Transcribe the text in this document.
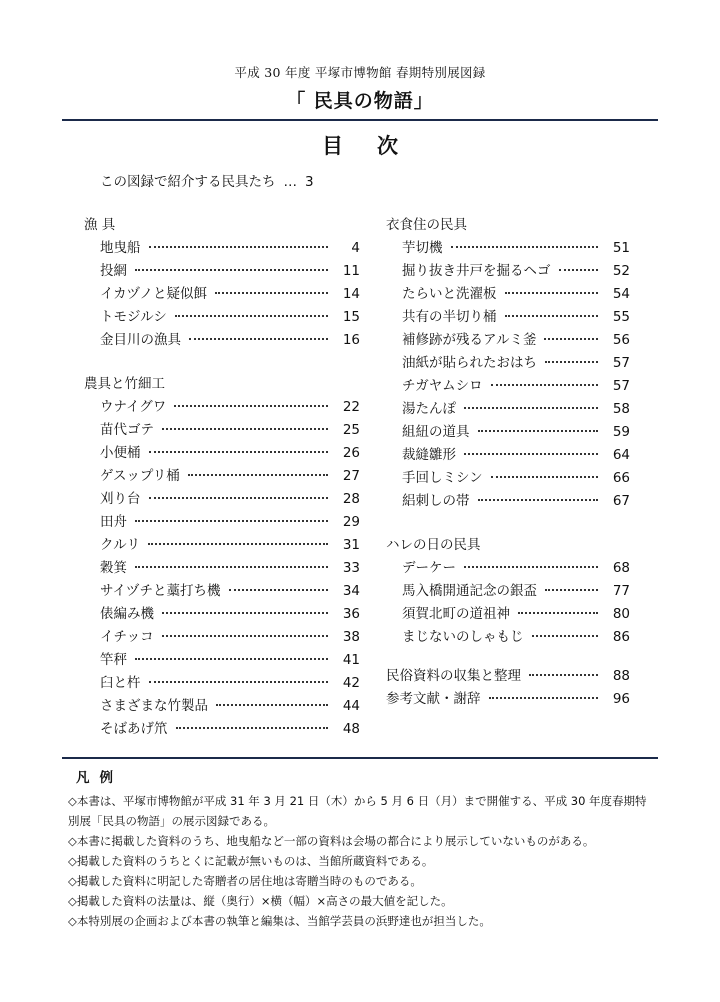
平成 30 年度 平塚市博物館 春期特別展図録
「 民具の物語」
目次
この図録で紹介する民具たち … 3
漁 具
地曳船	4
投網	11
イカヅノと疑似餌	14
トモジルシ	15
金目川の漁具	16
農具と竹細工
ウナイグワ	22
苗代ゴテ	25
小便桶	26
ゲスップリ桶	27
刈り台	28
田舟	29
クルリ	31
穀箕	33
サイヅチと藁打ち機	34
俵編み機	36
イチッコ	38
竿秤	41
臼と杵	42
さまざまな竹製品	44
そばあげ笊	48
衣食住の民具
芋切機	51
掘り抜き井戸を掘るヘゴ	52
たらいと洗濯板	54
共有の半切り桶	55
補修跡が残るアルミ釜	56
油紙が貼られたおはち	57
チガヤムシロ	57
湯たんぽ	58
組紐の道具	59
裁縫雛形	64
手回しミシン	66
絽刺しの帯	67
ハレの日の民具
デーケー	68
馬入橋開通記念の銀盃	77
須賀北町の道祖神	80
まじないのしゃもじ	86
民俗資料の収集と整理	88
参考文献・謝辞	96
凡例
◇本書は、平塚市博物館が平成 31 年 3 月 21 日（木）から 5 月 6 日（月）まで開催する、平成 30 年度春期特別展「民具の物語」の展示図録である。
◇本書に掲載した資料のうち、地曳船など一部の資料は会場の都合により展示していないものがある。
◇掲載した資料のうちとくに記載が無いものは、当館所蔵資料である。
◇掲載した資料に明記した寄贈者の居住地は寄贈当時のものである。
◇掲載した資料の法量は、縦（奥行）×横（幅）×高さの最大値を記した。
◇本特別展の企画および本書の執筆と編集は、当館学芸員の浜野達也が担当した。
